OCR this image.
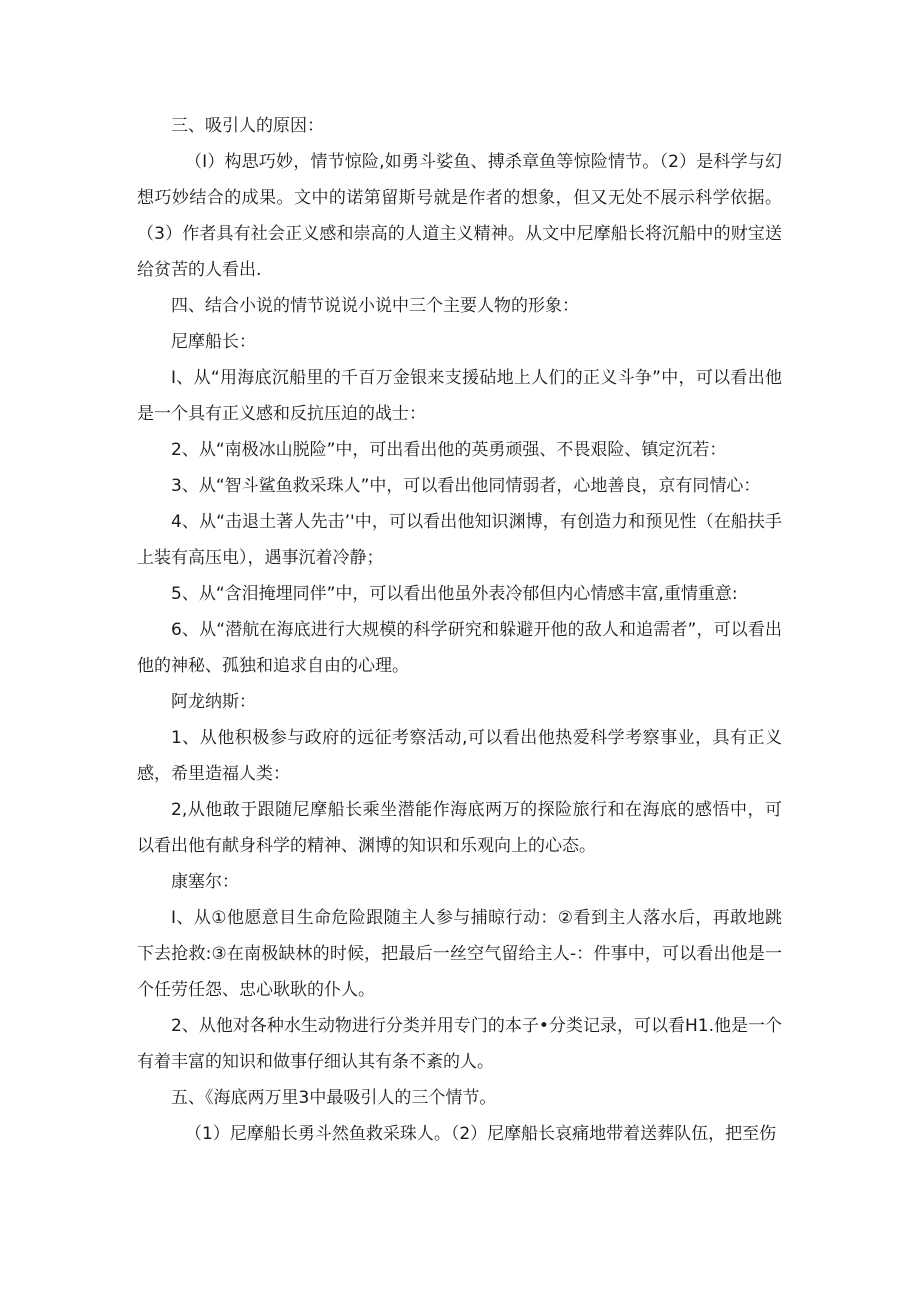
三、吸引人的原因：

（I）构思巧妙，情节惊险,如勇斗娑鱼、搏杀章鱼等惊险情节。（2）是科学与幻想巧妙结合的成果。文中的诺第留斯号就是作者的想象，但又无处不展示科学依据。（3）作者具有社会正义感和崇高的人道主义精神。从文中尼摩船长将沉船中的财宝送给贫苦的人看出.

四、结合小说的情节说说小说中三个主要人物的形象：

尼摩船长：

I、从“用海底沉船里的千百万金银来支援砧地上人们的正义斗争”中，可以看出他是一个具有正义感和反抗压迫的战士：

2、从“南极冰山脱险”中，可出看出他的英勇顽强、不畏艰险、镇定沉若：

3、从“智斗鲨鱼救采珠人”中，可以看出他同情弱者，心地善良，京有同情心：

4、从“击退土著人先击’'中，可以看出他知识渊博，有创造力和预见性（在船扶手上装有高压电），遇事沉着冷静；

5、从“含泪掩埋同伴”中，可以看出他虽外表冷郁但内心情感丰富,重情重意:

6、从“潜航在海底进行大规模的科学研究和躲避开他的敌人和追需者”，可以看出他的神秘、孤独和追求自由的心理。

阿龙纳斯：

1、从他积极参与政府的远征考察活动,可以看出他热爱科学考察事业，具有正义感，希里造福人类：

2,从他敢于跟随尼摩船长乘坐潜能作海底两万的探险旅行和在海底的感悟中，可以看出他有献身科学的精神、渊博的知识和乐观向上的心态。

康塞尔：

I、从①他愿意目生命危险跟随主人参与捕晾行动：②看到主人落水后，再敢地跳下去抢救:③在南极缺林的时候，把最后一丝空气留给主人-：件事中，可以看出他是一个任劳任怨、忠心耿耿的仆人。

2、从他对各种水生动物进行分类并用专门的本子•分类记录，可以看H1.他是一个有着丰富的知识和做事仔细认其有条不紊的人。

五、《海底两万里3中最吸引人的三个情节。

（1）尼摩船长勇斗然鱼救采珠人。（2）尼摩船长哀痛地带着送葬队伍，把至伤
